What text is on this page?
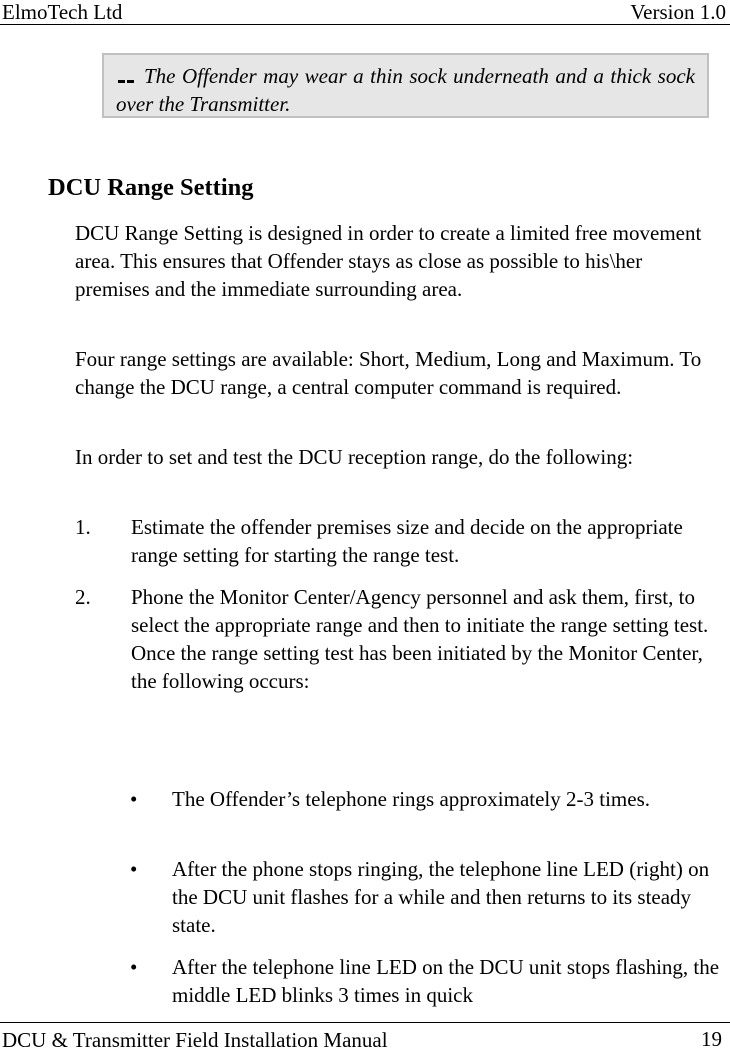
ElmoTech Ltd	Version 1.0
The Offender may wear a thin sock underneath and a thick sock over the Transmitter.
DCU Range Setting
DCU Range Setting is designed in order to create a limited free movement area. This ensures that Offender stays as close as possible to his\her premises and the immediate surrounding area.
Four range settings are available: Short, Medium, Long and Maximum. To change the DCU range, a central computer command is required.
In order to set and test the DCU reception range, do the following:
1. Estimate the offender premises size and decide on the appropriate range setting for starting the range test.
2. Phone the Monitor Center/Agency personnel and ask them, first, to select the appropriate range and then to initiate the range setting test. Once the range setting test has been initiated by the Monitor Center, the following occurs:
• The Offender’s telephone rings approximately 2-3 times.
• After the phone stops ringing, the telephone line LED (right) on the DCU unit flashes for a while and then returns to its steady state.
• After the telephone line LED on the DCU unit stops flashing, the middle LED blinks 3 times in quick
DCU & Transmitter Field Installation Manual	19
